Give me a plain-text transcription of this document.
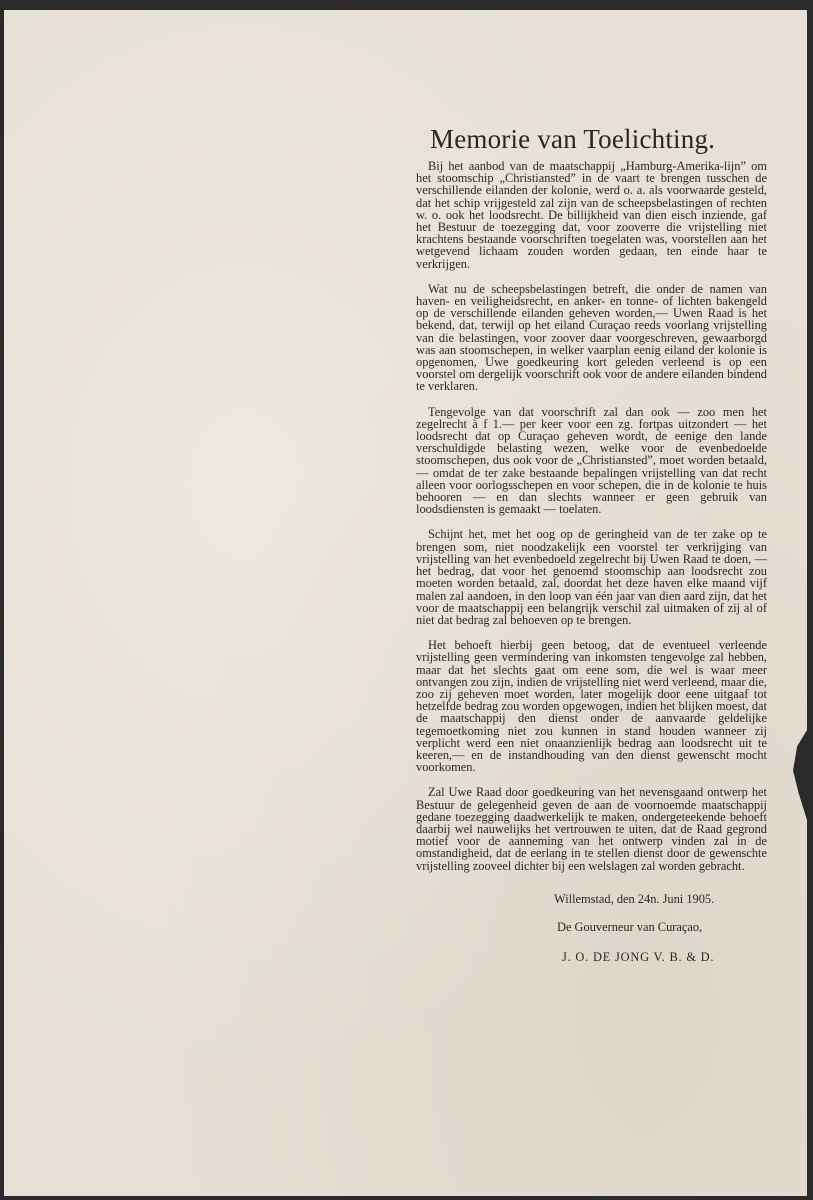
Memorie van Toelichting.

Bij het aanbod van de maatschappij „Hamburg-Amerika-lijn” om het stoomschip „Christiansted” in de vaart te brengen tusschen de verschillende eilanden der kolonie, werd o. a. als voorwaarde gesteld, dat het schip vrijgesteld zal zijn van de scheepsbelastingen of rechten w. o. ook het loodsrecht. De billijkheid van dien eisch inziende, gaf het Bestuur de toezegging dat, voor zooverre die vrijstelling niet krachtens bestaande voorschriften toegelaten was, voorstellen aan het wetgevend lichaam zouden worden gedaan, ten einde haar te verkrijgen.

Wat nu de scheepsbelastingen betreft, die onder de namen van haven- en veiligheidsrecht, en anker- en tonne- of lichten bakengeld op de verschillende eilanden geheven worden,— Uwen Raad is het bekend, dat, terwijl op het eiland Curaçao reeds voorlang vrijstelling van die belastingen, voor zoover daar voorgeschreven, gewaarborgd was aan stoomschepen, in welker vaarplan eenig eiland der kolonie is opgenomen, Uwe goedkeuring kort geleden verleend is op een voorstel om dergelijk voorschrift ook voor de andere eilanden bindend te verklaren.

Tengevolge van dat voorschrift zal dan ook — zoo men het zegelrecht à f 1.— per keer voor een zg. fortpas uitzondert — het loodsrecht dat op Curaçao geheven wordt, de eenige den lande verschuldigde belasting wezen, welke voor de evenbedoelde stoomschepen, dus ook voor de „Christiansted”, moet worden betaald, — omdat de ter zake bestaande bepalingen vrijstelling van dat recht alleen voor oorlogsschepen en voor schepen, die in de kolonie te huis behooren — en dan slechts wanneer er geen gebruik van loodsdiensten is gemaakt — toelaten.

Schijnt het, met het oog op de geringheid van de ter zake op te brengen som, niet noodzakelijk een voorstel ter verkrijging van vrijstelling van het evenbedoeld zegelrecht bij Uwen Raad te doen, — het bedrag, dat voor het genoemd stoomschip aan loodsrecht zou moeten worden betaald, zal, doordat het deze haven elke maand vijf malen zal aandoen, in den loop van één jaar van dien aard zijn, dat het voor de maatschappij een belangrijk verschil zal uitmaken of zij al of niet dat bedrag zal behoeven op te brengen.

Het behoeft hierbij geen betoog, dat de eventueel verleende vrijstelling geen vermindering van inkomsten tengevolge zal hebben, maar dat het slechts gaat om eene som, die wel is waar meer ontvangen zou zijn, indien de vrijstelling niet werd verleend, maar die, zoo zij geheven moet worden, later mogelijk door eene uitgaaf tot hetzelfde bedrag zou worden opgewogen, indien het blijken moest, dat de maatschappij den dienst onder de aanvaarde geldelijke tegemoetkoming niet zou kunnen in stand houden wanneer zij verplicht werd een niet onaanzienlijk bedrag aan loodsrecht uit te keeren,— en de instandhouding van den dienst gewenscht mocht voorkomen.

Zal Uwe Raad door goedkeuring van het nevensgaand ontwerp het Bestuur de gelegenheid geven de aan de voornoemde maatschappij gedane toezegging daadwerkelijk te maken, ondergeteekende behoeft daarbij wel nauwelijks het vertrouwen te uiten, dat de Raad gegrond motief voor de aanneming van het ontwerp vinden zal in de omstandigheid, dat de eerlang in te stellen dienst door de gewenschte vrijstelling zooveel dichter bij een welslagen zal worden gebracht.

Willemstad, den 24n. Juni 1905.
De Gouverneur van Curaçao,
J. O. DE JONG V. B. & D.
